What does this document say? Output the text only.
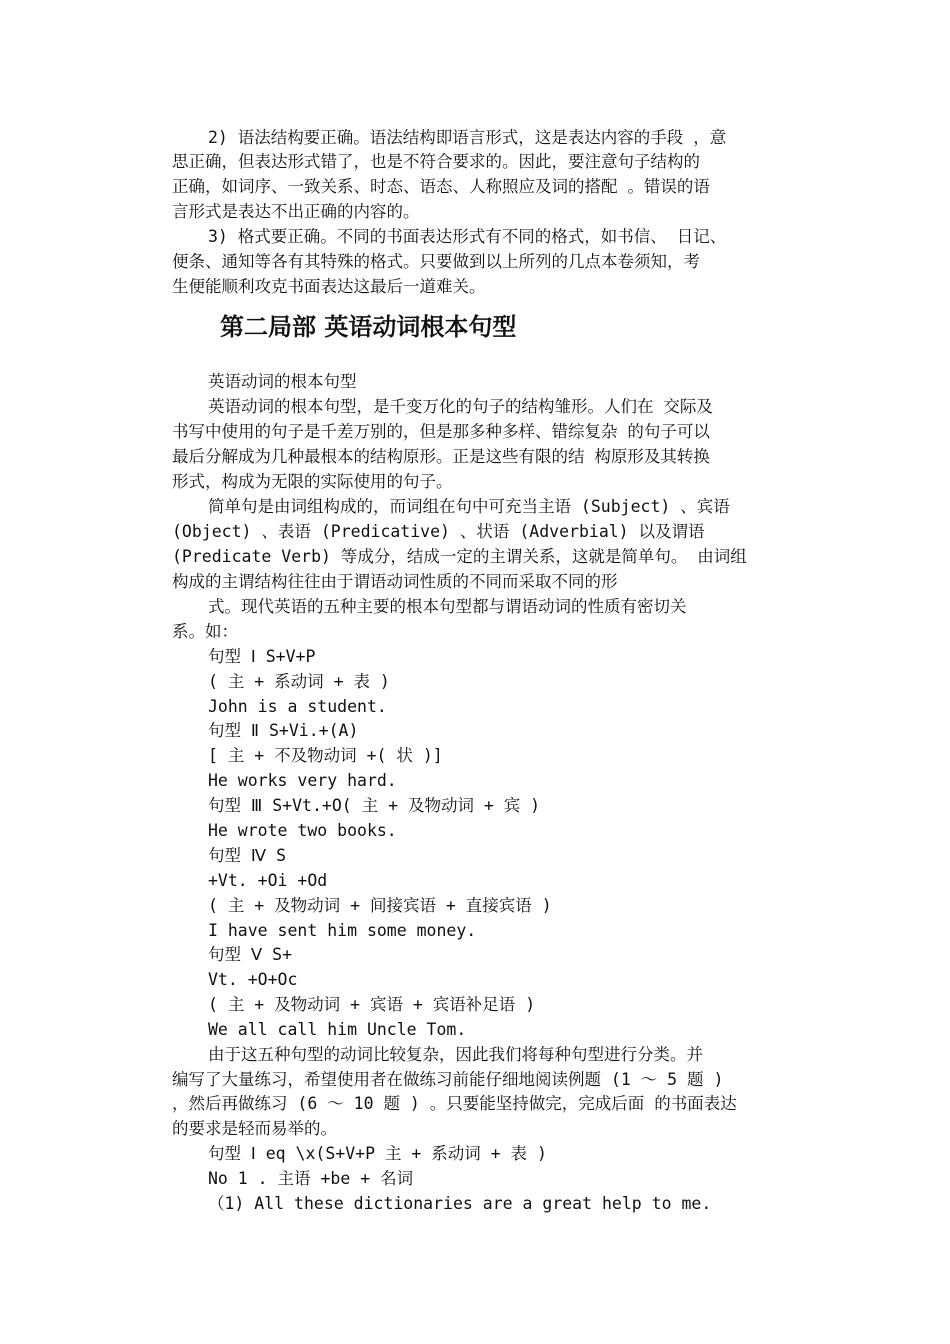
2) 语法结构要正确。语法结构即语言形式，这是表达内容的手段 ，意
思正确，但表达形式错了，也是不符合要求的。因此，要注意句子结构的
正确，如词序、一致关系、时态、语态、人称照应及词的搭配 。错误的语
言形式是表达不出正确的内容的。
3) 格式要正确。不同的书面表达形式有不同的格式，如书信、 日记、
便条、通知等各有其特殊的格式。只要做到以上所列的几点本卷须知，考
生便能顺利攻克书面表达这最后一道难关。
第二局部 英语动词根本句型
英语动词的根本句型
英语动词的根本句型，是千变万化的句子的结构雏形。人们在 交际及
书写中使用的句子是千差万别的，但是那多种多样、错综复杂 的句子可以
最后分解成为几种最根本的结构原形。正是这些有限的结 构原形及其转换
形式，构成为无限的实际使用的句子。
简单句是由词组构成的，而词组在句中可充当主语 (Subject) 、宾语
(Object) 、表语 (Predicative) 、状语 (Adverbial) 以及谓语
(Predicate Verb) 等成分，结成一定的主谓关系，这就是简单句。 由词组
构成的主谓结构往往由于谓语动词性质的不同而采取不同的形
式。现代英语的五种主要的根本句型都与谓语动词的性质有密切关
系。如：
句型 Ⅰ S+V+P
( 主 + 系动词 + 表 )
John is a student.
句型 Ⅱ S+Vi.+(A)
[ 主 + 不及物动词 +( 状 )]
He works very hard.
句型 Ⅲ S+Vt.+O( 主 + 及物动词 + 宾 )
He wrote two books.
句型 Ⅳ S
+Vt. +Oi +Od
( 主 + 及物动词 + 间接宾语 + 直接宾语 )
I have sent him some money.
句型 Ⅴ S+
Vt. +O+Oc
( 主 + 及物动词 + 宾语 + 宾语补足语 )
We all call him Uncle Tom.
由于这五种句型的动词比较复杂，因此我们将每种句型进行分类。并
编写了大量练习，希望使用者在做练习前能仔细地阅读例题 (1 ～ 5 题 )
，然后再做练习 (6 ～ 10 题 ) 。只要能坚持做完，完成后面 的书面表达
的要求是轻而易举的。
句型 Ⅰ eq \x(S+V+P 主 + 系动词 + 表 )
No 1 . 主语 +be + 名词
（1) All these dictionaries are a great help to me.
